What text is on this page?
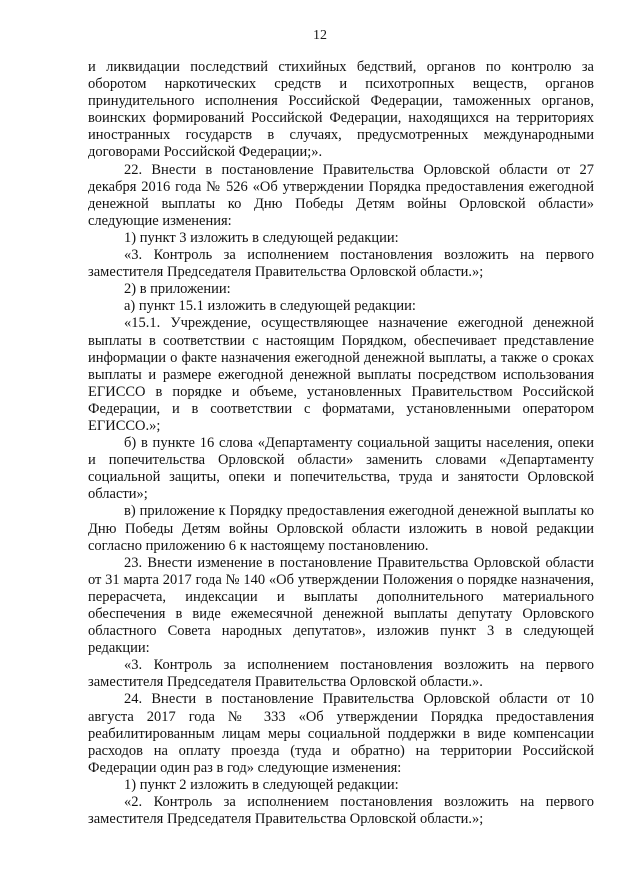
12

и ликвидации последствий стихийных бедствий, органов по контролю за оборотом наркотических средств и психотропных веществ, органов принудительного исполнения Российской Федерации, таможенных органов, воинских формирований Российской Федерации, находящихся на территориях иностранных государств в случаях, предусмотренных международными договорами Российской Федерации;».

22. Внести в постановление Правительства Орловской области от 27 декабря 2016 года № 526 «Об утверждении Порядка предоставления ежегодной денежной выплаты ко Дню Победы Детям войны Орловской области» следующие изменения:

1) пункт 3 изложить в следующей редакции:

«3. Контроль за исполнением постановления возложить на первого заместителя Председателя Правительства Орловской области.»;

2) в приложении:

а) пункт 15.1 изложить в следующей редакции:

«15.1. Учреждение, осуществляющее назначение ежегодной денежной выплаты в соответствии с настоящим Порядком, обеспечивает представление информации о факте назначения ежегодной денежной выплаты, а также о сроках выплаты и размере ежегодной денежной выплаты посредством использования ЕГИССО в порядке и объеме, установленных Правительством Российской Федерации, и в соответствии с форматами, установленными оператором ЕГИССО.»;

б) в пункте 16 слова «Департаменту социальной защиты населения, опеки и попечительства Орловской области» заменить словами «Департаменту социальной защиты, опеки и попечительства, труда и занятости Орловской области»;

в) приложение к Порядку предоставления ежегодной денежной выплаты ко Дню Победы Детям войны Орловской области изложить в новой редакции согласно приложению 6 к настоящему постановлению.

23. Внести изменение в постановление Правительства Орловской области от 31 марта 2017 года № 140 «Об утверждении Положения о порядке назначения, перерасчета, индексации и выплаты дополнительного материального обеспечения в виде ежемесячной денежной выплаты депутату Орловского областного Совета народных депутатов», изложив пункт 3 в следующей редакции:

«3. Контроль за исполнением постановления возложить на первого заместителя Председателя Правительства Орловской области.».

24. Внести в постановление Правительства Орловской области от 10 августа 2017 года № 333 «Об утверждении Порядка предоставления реабилитированным лицам меры социальной поддержки в виде компенсации расходов на оплату проезда (туда и обратно) на территории Российской Федерации один раз в год» следующие изменения:

1) пункт 2 изложить в следующей редакции:

«2. Контроль за исполнением постановления возложить на первого заместителя Председателя Правительства Орловской области.»;
